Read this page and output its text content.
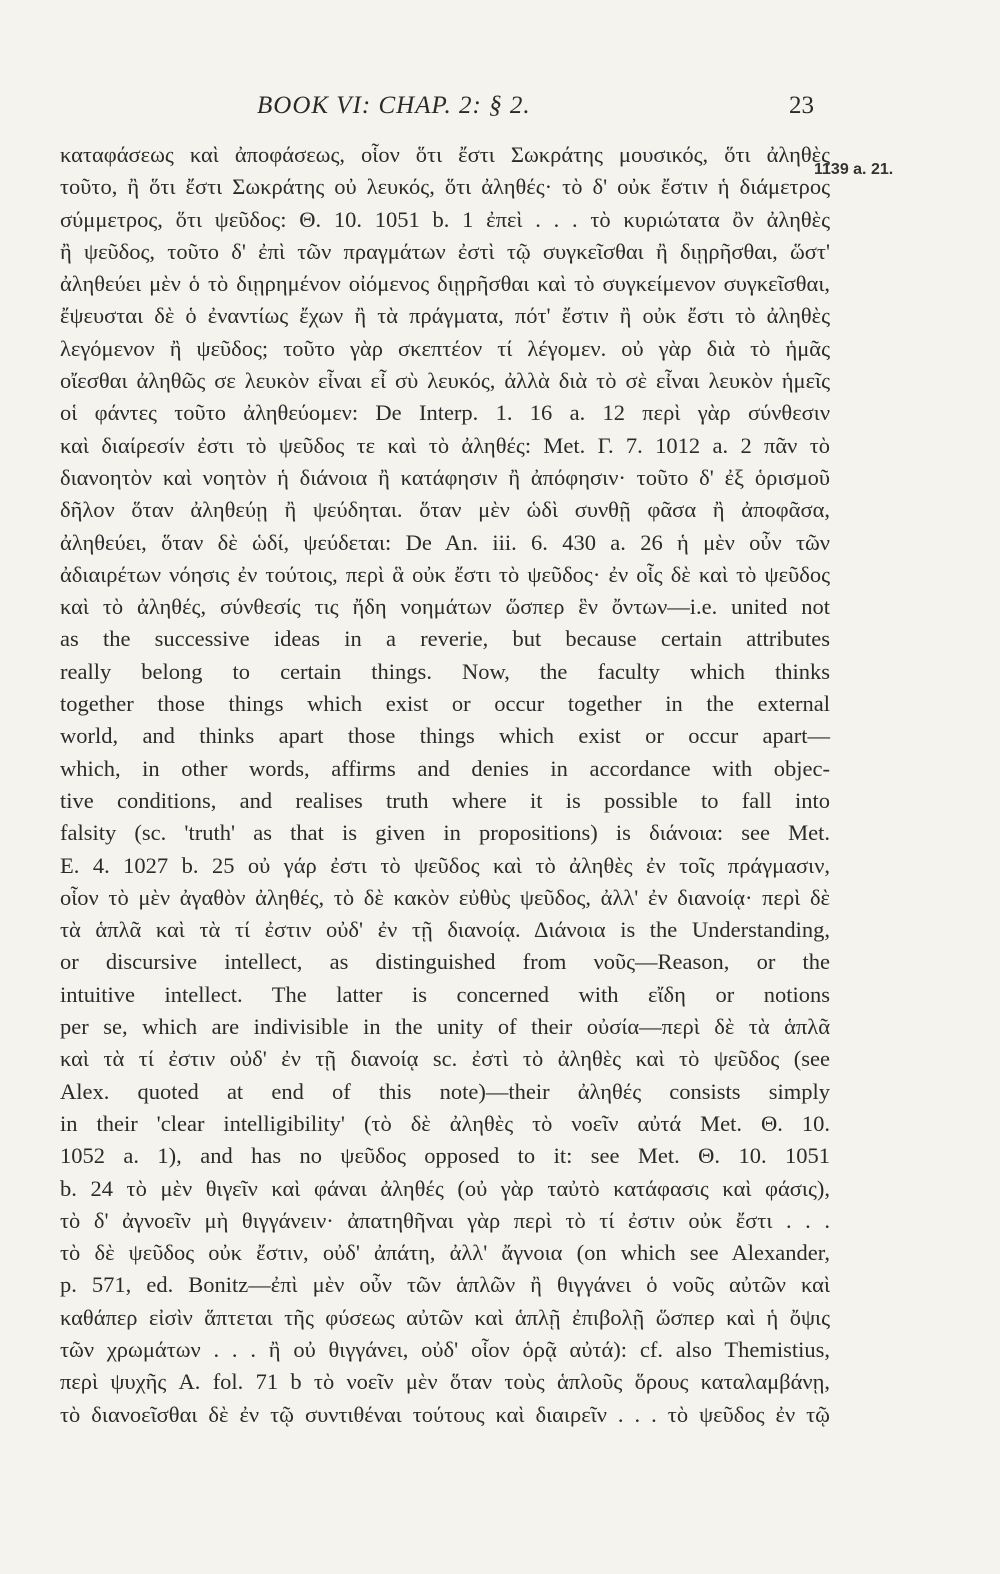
BOOK VI: CHAP. 2: § 2.	23
καταφάσεως καὶ ἀποφάσεως, οἷον ὅτι ἔστι Σωκράτης μουσικός, ὅτι ἀληθὲς
τοῦτο, ἢ ὅτι ἔστι Σωκράτης οὐ λευκός, ὅτι ἀληθές· τὸ δ' οὐκ ἔστιν ἡ διάμετρος
σύμμετρος, ὅτι ψεῦδος: Θ. 10. 1051 b. 1 ἐπεὶ . . . τὸ κυριώτατα ὂν ἀληθὲς
ἢ ψεῦδος, τοῦτο δ' ἐπὶ τῶν πραγμάτων ἐστὶ τῷ συγκεῖσθαι ἢ διῃρῆσθαι, ὥστ'
ἀληθεύει μὲν ὁ τὸ διῃρημένον οἰόμενος διῃρῆσθαι καὶ τὸ συγκείμενον συγκεῖσθαι,
ἔψευσται δὲ ὁ ἐναντίως ἔχων ἢ τὰ πράγματα, πότ' ἔστιν ἢ οὐκ ἔστι τὸ ἀληθὲς
λεγόμενον ἢ ψεῦδος; τοῦτο γὰρ σκεπτέον τί λέγομεν. οὐ γὰρ διὰ τὸ ἡμᾶς
οἴεσθαι ἀληθῶς σε λευκὸν εἶναι εἶ σὺ λευκός, ἀλλὰ διὰ τὸ σὲ εἶναι λευκὸν ἡμεῖς
οἱ φάντες τοῦτο ἀληθεύομεν: De Interp. 1. 16 a. 12 περὶ γὰρ σύνθεσιν
καὶ διαίρεσίν ἐστι τὸ ψεῦδος τε καὶ τὸ ἀληθές: Met. Γ. 7. 1012 a. 2 πᾶν τὸ
διανοητὸν καὶ νοητὸν ἡ διάνοια ἢ κατάφησιν ἢ ἀπόφησιν· τοῦτο δ' ἐξ ὁρισμοῦ
δῆλον ὅταν ἀληθεύῃ ἢ ψεύδηται. ὅταν μὲν ὡδὶ συνθῇ φᾶσα ἢ ἀποφᾶσα,
ἀληθεύει, ὅταν δὲ ὡδί, ψεύδεται: De An. iii. 6. 430 a. 26 ἡ μὲν οὖν τῶν
ἀδιαιρέτων νόησις ἐν τούτοις, περὶ ἃ οὐκ ἔστι τὸ ψεῦδος· ἐν οἷς δὲ καὶ τὸ ψεῦδος
καὶ τὸ ἀληθές, σύνθεσίς τις ἤδη νοημάτων ὥσπερ ἓν ὄντων—i.e. united not
as the successive ideas in a reverie, but because certain attributes
really belong to certain things. Now, the faculty which thinks
together those things which exist or occur together in the external
world, and thinks apart those things which exist or occur apart—
which, in other words, affirms and denies in accordance with objec-
tive conditions, and realises truth where it is possible to fall into
falsity (sc. 'truth' as that is given in propositions) is διάνοια: see Met.
E. 4. 1027 b. 25 οὐ γάρ ἐστι τὸ ψεῦδος καὶ τὸ ἀληθὲς ἐν τοῖς πράγμασιν,
οἷον τὸ μὲν ἀγαθὸν ἀληθές, τὸ δὲ κακὸν εὐθὺς ψεῦδος, ἀλλ' ἐν διανοίᾳ· περὶ δὲ
τὰ ἁπλᾶ καὶ τὰ τί ἐστιν οὐδ' ἐν τῇ διανοίᾳ. Διάνοια is the Understanding,
or discursive intellect, as distinguished from νοῦς—Reason, or the
intuitive intellect. The latter is concerned with εἴδη or notions
per se, which are indivisible in the unity of their οὐσία—περὶ δὲ τὰ ἁπλᾶ
καὶ τὰ τί ἐστιν οὐδ' ἐν τῇ διανοίᾳ sc. ἐστὶ τὸ ἀληθὲς καὶ τὸ ψεῦδος (see
Alex. quoted at end of this note)—their ἀληθές consists simply
in their 'clear intelligibility' (τὸ δὲ ἀληθὲς τὸ νοεῖν αὐτά Met. Θ. 10.
1052 a. 1), and has no ψεῦδος opposed to it: see Met. Θ. 10. 1051
b. 24 τὸ μὲν θιγεῖν καὶ φάναι ἀληθές (οὐ γὰρ ταὐτὸ κατάφασις καὶ φάσις),
τὸ δ' ἀγνοεῖν μὴ θιγγάνειν· ἀπατηθῆναι γὰρ περὶ τὸ τί ἐστιν οὐκ ἔστι . . .
τὸ δὲ ψεῦδος οὐκ ἔστιν, οὐδ' ἀπάτη, ἀλλ' ἄγνοια (on which see Alexander,
p. 571, ed. Bonitz—ἐπὶ μὲν οὖν τῶν ἁπλῶν ἢ θιγγάνει ὁ νοῦς αὐτῶν καὶ
καθάπερ εἰσὶν ἅπτεται τῆς φύσεως αὐτῶν καὶ ἁπλῇ ἐπιβολῇ ὥσπερ καὶ ἡ ὄψις
τῶν χρωμάτων . . . ἢ οὐ θιγγάνει, οὐδ' οἷον ὁρᾷ αὐτά): cf. also Themistius,
περὶ ψυχῆς A. fol. 71 b τὸ νοεῖν μὲν ὅταν τοὺς ἁπλοῦς ὅρους καταλαμβάνῃ,
τὸ διανοεῖσθαι δὲ ἐν τῷ συντιθέναι τούτους καὶ διαιρεῖν . . . τὸ ψεῦδος ἐν τῷ
1139 a. 21.
